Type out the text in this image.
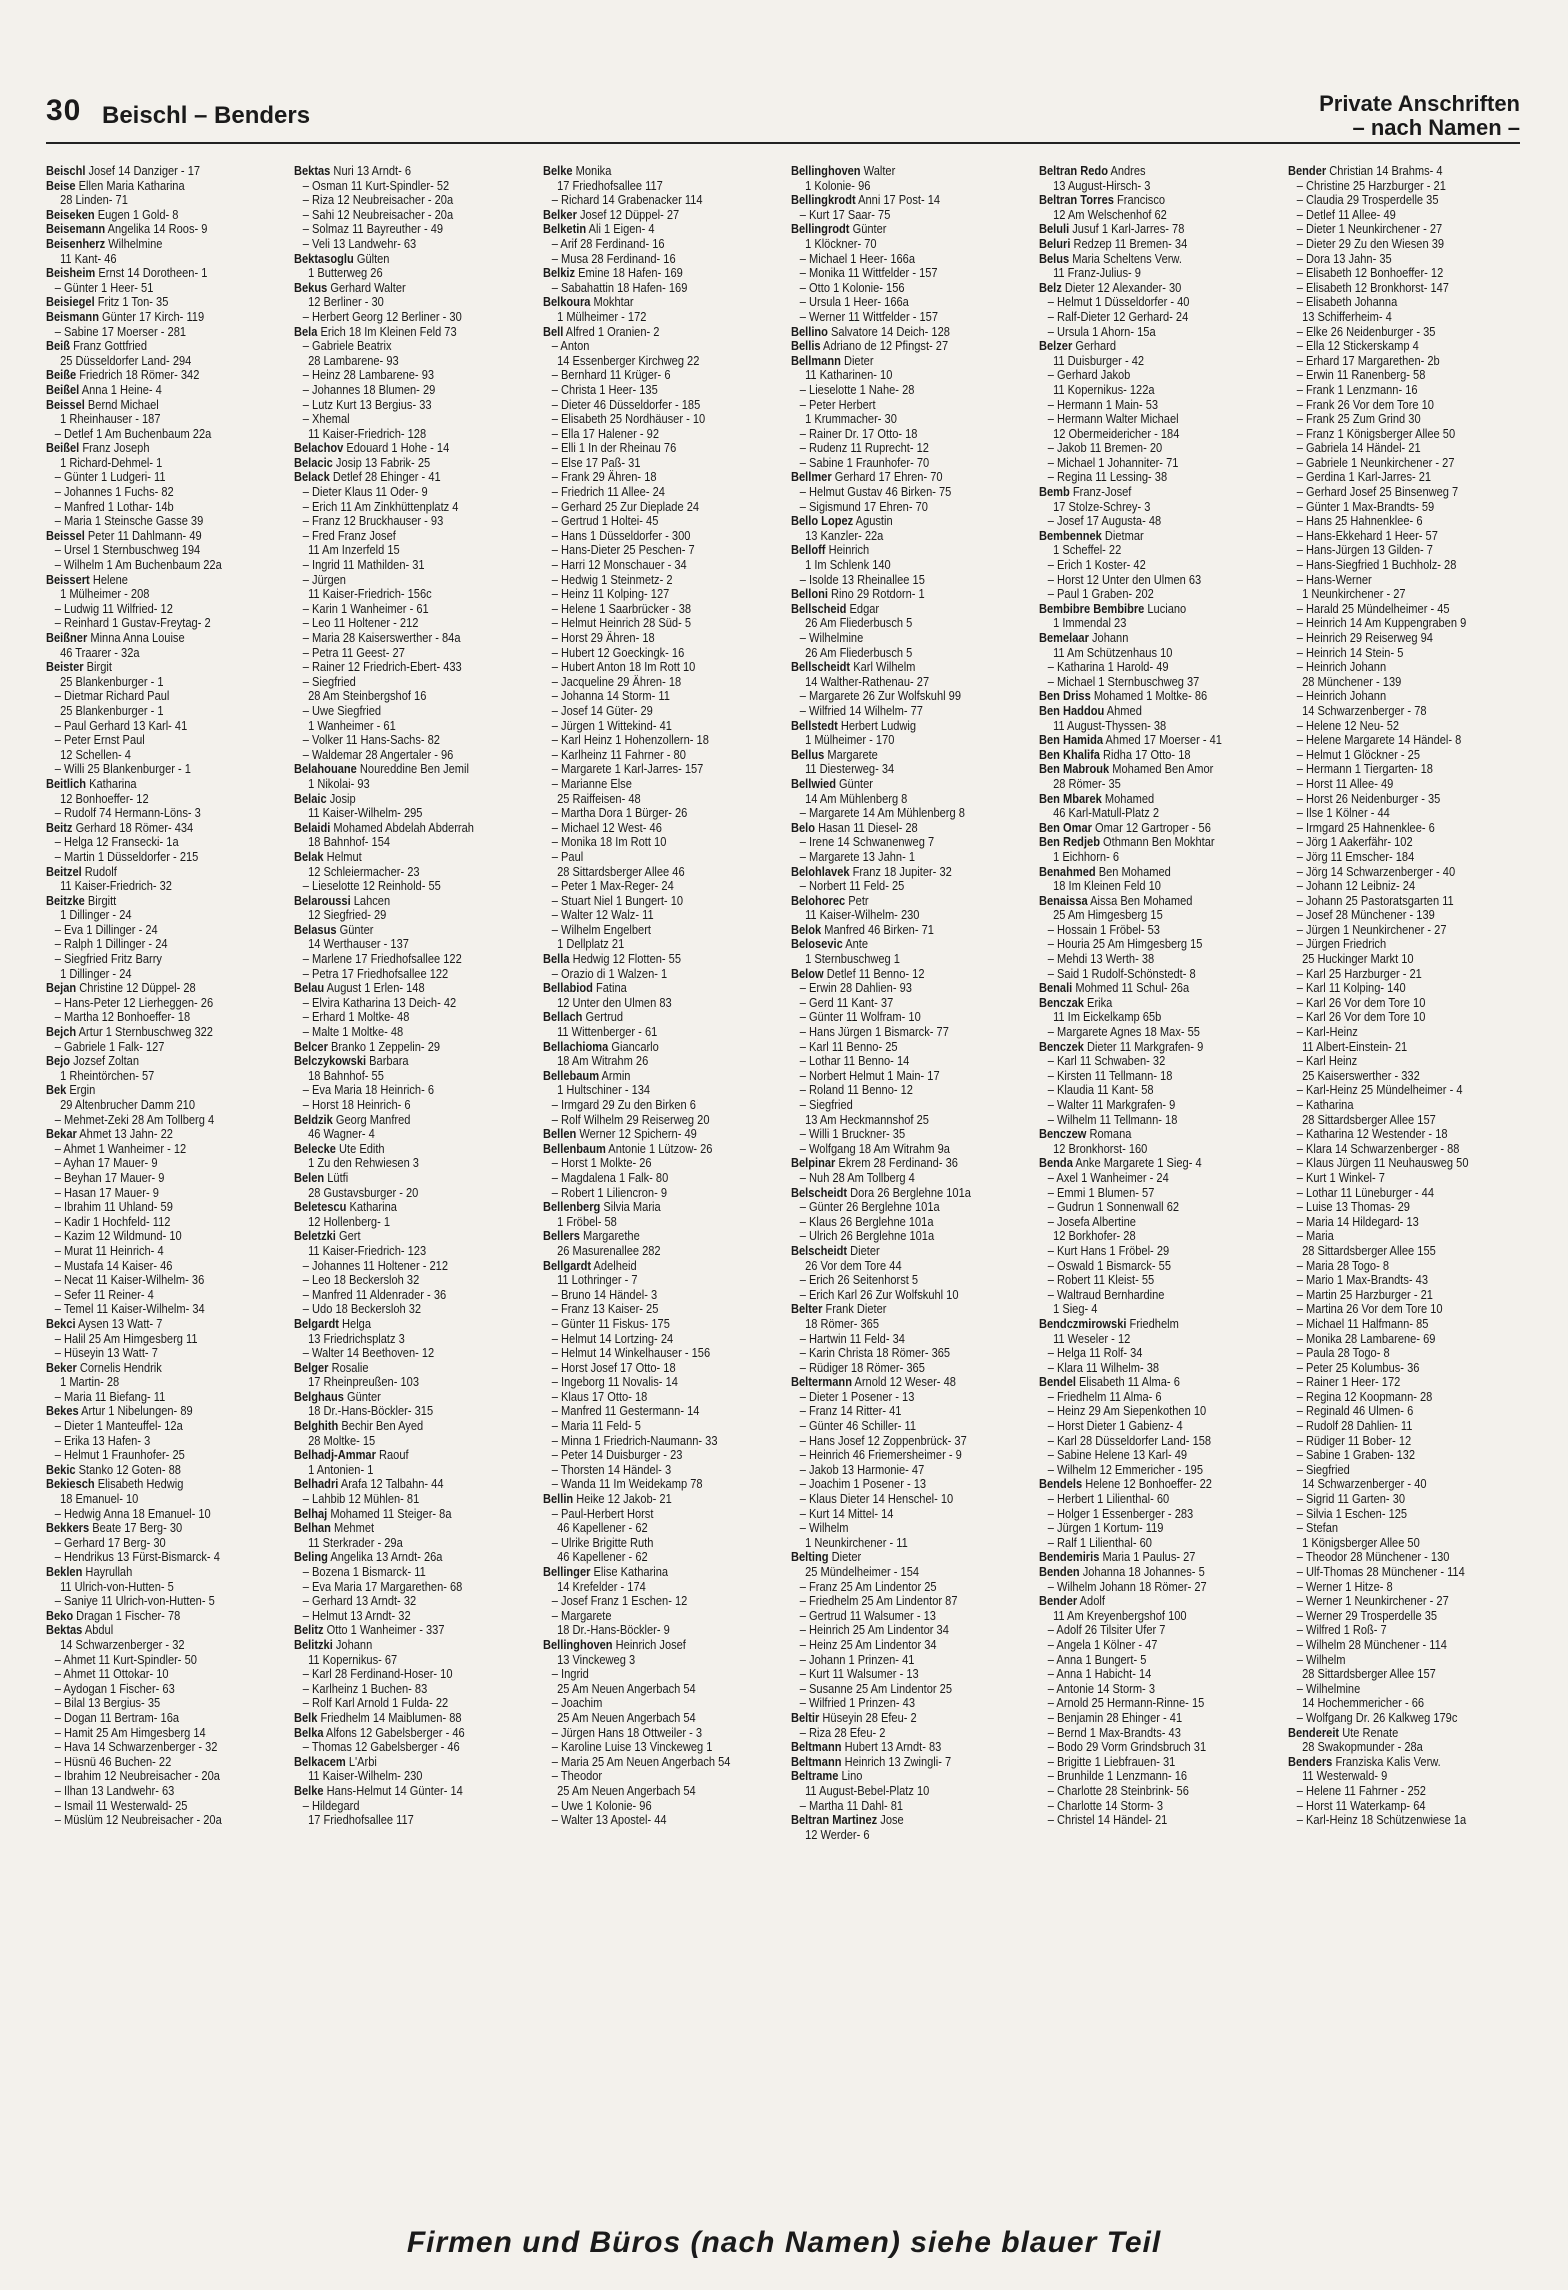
30 Beischl – Benders	Private Anschriften
– nach Namen –

Beischl Josef 14 Danziger - 17

Beise Ellen Maria Katharina

28 Linden- 71

Beiseken Eugen 1 Gold- 8

Beisemann Angelika 14 Roos- 9

Beisenherz Wilhelmine

11 Kant- 46

Beisheim Ernst 14 Dorotheen- 1

– Günter 1 Heer- 51

Beisiegel Fritz 1 Ton- 35

Beismann Günter 17 Kirch- 119

– Sabine 17 Moerser - 281

Beiß Franz Gottfried

25 Düsseldorfer Land- 294

Beiße Friedrich 18 Römer- 342

Beißel Anna 1 Heine- 4

Beissel Bernd Michael

1 Rheinhauser - 187

– Detlef 1 Am Buchenbaum 22a

Beißel Franz Joseph

1 Richard-Dehmel- 1

– Günter 1 Ludgeri- 11

– Johannes 1 Fuchs- 82

– Manfred 1 Lothar- 14b

– Maria 1 Steinsche Gasse 39

Beissel Peter 11 Dahlmann- 49

– Ursel 1 Sternbuschweg 194

– Wilhelm 1 Am Buchenbaum 22a

Beissert Helene

1 Mülheimer - 208

– Ludwig 11 Wilfried- 12

– Reinhard 1 Gustav-Freytag- 2

Beißner Minna Anna Louise

46 Traarer - 32a

Beister Birgit

25 Blankenburger - 1

– Dietmar Richard Paul

25 Blankenburger - 1

– Paul Gerhard 13 Karl- 41

– Peter Ernst Paul

12 Schellen- 4

– Willi 25 Blankenburger - 1

Beitlich Katharina

12 Bonhoeffer- 12

– Rudolf 74 Hermann-Löns- 3

Beitz Gerhard 18 Römer- 434

– Helga 12 Fransecki- 1a

– Martin 1 Düsseldorfer - 215

Beitzel Rudolf

11 Kaiser-Friedrich- 32

Beitzke Birgitt

1 Dillinger - 24

– Eva 1 Dillinger - 24

– Ralph 1 Dillinger - 24

– Siegfried Fritz Barry

1 Dillinger - 24

Bejan Christine 12 Düppel- 28

– Hans-Peter 12 Lierheggen- 26

– Martha 12 Bonhoeffer- 18

Bejch Artur 1 Sternbuschweg 322

– Gabriele 1 Falk- 127

Bejo Jozsef Zoltan

1 Rheintörchen- 57

Bek Ergin

29 Altenbrucher Damm 210

– Mehmet-Zeki 28 Am Tollberg 4

Bekar Ahmet 13 Jahn- 22

– Ahmet 1 Wanheimer - 12

– Ayhan 17 Mauer- 9

– Beyhan 17 Mauer- 9

– Hasan 17 Mauer- 9

– Ibrahim 11 Uhland- 59

– Kadir 1 Hochfeld- 112

– Kazim 12 Wildmund- 10

– Murat 11 Heinrich- 4

– Mustafa 14 Kaiser- 46

– Necat 11 Kaiser-Wilhelm- 36

– Sefer 11 Reiner- 4

– Temel 11 Kaiser-Wilhelm- 34

Bekci Aysen 13 Watt- 7

– Halil 25 Am Himgesberg 11

– Hüseyin 13 Watt- 7

Beker Cornelis Hendrik

1 Martin- 28

– Maria 11 Biefang- 11

Bekes Artur 1 Nibelungen- 89

– Dieter 1 Manteuffel- 12a

– Erika 13 Hafen- 3

– Helmut 1 Fraunhofer- 25

Bekic Stanko 12 Goten- 88

Bekiesch Elisabeth Hedwig

18 Emanuel- 10

– Hedwig Anna 18 Emanuel- 10

Bekkers Beate 17 Berg- 30

– Gerhard 17 Berg- 30

– Hendrikus 13 Fürst-Bismarck- 4

Beklen Hayrullah

11 Ulrich-von-Hutten- 5

– Saniye 11 Ulrich-von-Hutten- 5

Beko Dragan 1 Fischer- 78

Bektas Abdul

14 Schwarzenberger - 32

– Ahmet 11 Kurt-Spindler- 50

– Ahmet 11 Ottokar- 10

– Aydogan 1 Fischer- 63

– Bilal 13 Bergius- 35

– Dogan 11 Bertram- 16a

– Hamit 25 Am Himgesberg 14

– Hava 14 Schwarzenberger - 32

– Hüsnü 46 Buchen- 22

– Ibrahim 12 Neubreisacher - 20a

– Ilhan 13 Landwehr- 63

– Ismail 11 Westerwald- 25

– Müslüm 12 Neubreisacher - 20a

Bektas Nuri 13 Arndt- 6

– Osman 11 Kurt-Spindler- 52

– Riza 12 Neubreisacher - 20a

– Sahi 12 Neubreisacher - 20a

– Solmaz 11 Bayreuther - 49

– Veli 13 Landwehr- 63

Bektasoglu Gülten

1 Butterweg 26

Bekus Gerhard Walter

12 Berliner - 30

– Herbert Georg 12 Berliner - 30

Bela Erich 18 Im Kleinen Feld 73

– Gabriele Beatrix

28 Lambarene- 93

– Heinz 28 Lambarene- 93

– Johannes 18 Blumen- 29

– Lutz Kurt 13 Bergius- 33

– Xhemal

11 Kaiser-Friedrich- 128

Belachov Edouard 1 Hohe - 14

Belacic Josip 13 Fabrik- 25

Belack Detlef 28 Ehinger - 41

– Dieter Klaus 11 Oder- 9

– Erich 11 Am Zinkhüttenplatz 4

– Franz 12 Bruckhauser - 93

– Fred Franz Josef

11 Am Inzerfeld 15

– Ingrid 11 Mathilden- 31

– Jürgen

11 Kaiser-Friedrich- 156c

– Karin 1 Wanheimer - 61

– Leo 11 Holtener - 212

– Maria 28 Kaiserswerther - 84a

– Petra 11 Geest- 27

– Rainer 12 Friedrich-Ebert- 433

– Siegfried

28 Am Steinbergshof 16

– Uwe Siegfried

1 Wanheimer - 61

– Volker 11 Hans-Sachs- 82

– Waldemar 28 Angertaler - 96

Belahouane Noureddine Ben Jemil

1 Nikolai- 93

Belaic Josip

11 Kaiser-Wilhelm- 295

Belaidi Mohamed Abdelah Abderrah

18 Bahnhof- 154

Belak Helmut

12 Schleiermacher- 23

– Lieselotte 12 Reinhold- 55

Belaroussi Lahcen

12 Siegfried- 29

Belasus Günter

14 Werthauser - 137

– Marlene 17 Friedhofsallee 122

– Petra 17 Friedhofsallee 122

Belau August 1 Erlen- 148

– Elvira Katharina 13 Deich- 42

– Erhard 1 Moltke- 48

– Malte 1 Moltke- 48

Belcer Branko 1 Zeppelin- 29

Belczykowski Barbara

18 Bahnhof- 55

– Eva Maria 18 Heinrich- 6

– Horst 18 Heinrich- 6

Beldzik Georg Manfred

46 Wagner- 4

Belecke Ute Edith

1 Zu den Rehwiesen 3

Belen Lütfi

28 Gustavsburger - 20

Beletescu Katharina

12 Hollenberg- 1

Beletzki Gert

11 Kaiser-Friedrich- 123

– Johannes 11 Holtener - 212

– Leo 18 Beckersloh 32

– Manfred 11 Aldenrader - 36

– Udo 18 Beckersloh 32

Belgardt Helga

13 Friedrichsplatz 3

– Walter 14 Beethoven- 12

Belger Rosalie

17 Rheinpreußen- 103

Belghaus Günter

18 Dr.-Hans-Böckler- 315

Belghith Bechir Ben Ayed

28 Moltke- 15

Belhadj-Ammar Raouf

1 Antonien- 1

Belhadri Arafa 12 Talbahn- 44

– Lahbib 12 Mühlen- 81

Belhaj Mohamed 11 Steiger- 8a

Belhan Mehmet

11 Sterkrader - 29a

Beling Angelika 13 Arndt- 26a

– Bozena 1 Bismarck- 11

– Eva Maria 17 Margarethen- 68

– Gerhard 13 Arndt- 32

– Helmut 13 Arndt- 32

Belitz Otto 1 Wanheimer - 337

Belitzki Johann

11 Kopernikus- 67

– Karl 28 Ferdinand-Hoser- 10

– Karlheinz 1 Buchen- 83

– Rolf Karl Arnold 1 Fulda- 22

Belk Friedhelm 14 Maiblumen- 88

Belka Alfons 12 Gabelsberger - 46

– Thomas 12 Gabelsberger - 46

Belkacem L'Arbi

11 Kaiser-Wilhelm- 230

Belke Hans-Helmut 14 Günter- 14

– Hildegard

17 Friedhofsallee 117

Belke Monika

17 Friedhofsallee 117

– Richard 14 Grabenacker 114

Belker Josef 12 Düppel- 27

Belketin Ali 1 Eigen- 4

– Arif 28 Ferdinand- 16

– Musa 28 Ferdinand- 16

Belkiz Emine 18 Hafen- 169

– Sabahattin 18 Hafen- 169

Belkoura Mokhtar

1 Mülheimer - 172

Bell Alfred 1 Oranien- 2

– Anton

14 Essenberger Kirchweg 22

– Bernhard 11 Krüger- 6

– Christa 1 Heer- 135

– Dieter 46 Düsseldorfer - 185

– Elisabeth 25 Nordhäuser - 10

– Ella 17 Halener - 92

– Elli 1 In der Rheinau 76

– Else 17 Paß- 31

– Frank 29 Ähren- 18

– Friedrich 11 Allee- 24

– Gerhard 25 Zur Dieplade 24

– Gertrud 1 Holtei- 45

– Hans 1 Düsseldorfer - 300

– Hans-Dieter 25 Peschen- 7

– Harri 12 Monschauer - 34

– Hedwig 1 Steinmetz- 2

– Heinz 11 Kolping- 127

– Helene 1 Saarbrücker - 38

– Helmut Heinrich 28 Süd- 5

– Horst 29 Ähren- 18

– Hubert 12 Goeckingk- 16

– Hubert Anton 18 Im Rott 10

– Jacqueline 29 Ähren- 18

– Johanna 14 Storm- 11

– Josef 14 Güter- 29

– Jürgen 1 Wittekind- 41

– Karl Heinz 1 Hohenzollern- 18

– Karlheinz 11 Fahrner - 80

– Margarete 1 Karl-Jarres- 157

– Marianne Else

25 Raiffeisen- 48

– Martha Dora 1 Bürger- 26

– Michael 12 West- 46

– Monika 18 Im Rott 10

– Paul

28 Sittardsberger Allee 46

– Peter 1 Max-Reger- 24

– Stuart Niel 1 Bungert- 10

– Walter 12 Walz- 11

– Wilhelm Engelbert

1 Dellplatz 21

Bella Hedwig 12 Flotten- 55

– Orazio di 1 Walzen- 1

Bellabiod Fatina

12 Unter den Ulmen 83

Bellach Gertrud

11 Wittenberger - 61

Bellachioma Giancarlo

18 Am Witrahm 26

Bellebaum Armin

1 Hultschiner - 134

– Irmgard 29 Zu den Birken 6

– Rolf Wilhelm 29 Reiserweg 20

Bellen Werner 12 Spichern- 49

Bellenbaum Antonie 1 Lützow- 26

– Horst 1 Molkte- 26

– Magdalena 1 Falk- 80

– Robert 1 Liliencron- 9

Bellenberg Silvia Maria

1 Fröbel- 58

Bellers Margarethe

26 Masurenallee 282

Bellgardt Adelheid

11 Lothringer - 7

– Bruno 14 Händel- 3

– Franz 13 Kaiser- 25

– Günter 11 Fiskus- 175

– Helmut 14 Lortzing- 24

– Helmut 14 Winkelhauser - 156

– Horst Josef 17 Otto- 18

– Ingeborg 11 Novalis- 14

– Klaus 17 Otto- 18

– Manfred 11 Gestermann- 14

– Maria 11 Feld- 5

– Minna 1 Friedrich-Naumann- 33

– Peter 14 Duisburger - 23

– Thorsten 14 Händel- 3

– Wanda 11 Im Weidekamp 78

Bellin Heike 12 Jakob- 21

– Paul-Herbert Horst

46 Kapellener - 62

– Ulrike Brigitte Ruth

46 Kapellener - 62

Bellinger Elise Katharina

14 Krefelder - 174

– Josef Franz 1 Eschen- 12

– Margarete

18 Dr.-Hans-Böckler- 9

Bellinghoven Heinrich Josef

13 Vinckeweg 3

– Ingrid

25 Am Neuen Angerbach 54

– Joachim

25 Am Neuen Angerbach 54

– Jürgen Hans 18 Ottweiler - 3

– Karoline Luise 13 Vinckeweg 1

– Maria 25 Am Neuen Angerbach 54

– Theodor

25 Am Neuen Angerbach 54

– Uwe 1 Kolonie- 96

– Walter 13 Apostel- 44

Bellinghoven Walter

1 Kolonie- 96

Bellingkrodt Anni 17 Post- 14

– Kurt 17 Saar- 75

Bellingrodt Günter

1 Klöckner- 70

– Michael 1 Heer- 166a

– Monika 11 Wittfelder - 157

– Otto 1 Kolonie- 156

– Ursula 1 Heer- 166a

– Werner 11 Wittfelder - 157

Bellino Salvatore 14 Deich- 128

Bellis Adriano de 12 Pfingst- 27

Bellmann Dieter

11 Katharinen- 10

– Lieselotte 1 Nahe- 28

– Peter Herbert

1 Krummacher- 30

– Rainer Dr. 17 Otto- 18

– Rudenz 11 Ruprecht- 12

– Sabine 1 Fraunhofer- 70

Bellmer Gerhard 17 Ehren- 70

– Helmut Gustav 46 Birken- 75

– Sigismund 17 Ehren- 70

Bello Lopez Agustin

13 Kanzler- 22a

Belloff Heinrich

1 Im Schlenk 140

– Isolde 13 Rheinallee 15

Belloni Rino 29 Rotdorn- 1

Bellscheid Edgar

26 Am Fliederbusch 5

– Wilhelmine

26 Am Fliederbusch 5

Bellscheidt Karl Wilhelm

14 Walther-Rathenau- 27

– Margarete 26 Zur Wolfskuhl 99

– Wilfried 14 Wilhelm- 77

Bellstedt Herbert Ludwig

1 Mülheimer - 170

Bellus Margarete

11 Diesterweg- 34

Bellwied Günter

14 Am Mühlenberg 8

– Margarete 14 Am Mühlenberg 8

Belo Hasan 11 Diesel- 28

– Irene 14 Schwanenweg 7

– Margarete 13 Jahn- 1

Belohlavek Franz 18 Jupiter- 32

– Norbert 11 Feld- 25

Belohorec Petr

11 Kaiser-Wilhelm- 230

Belok Manfred 46 Birken- 71

Belosevic Ante

1 Sternbuschweg 1

Below Detlef 11 Benno- 12

– Erwin 28 Dahlien- 93

– Gerd 11 Kant- 37

– Günter 11 Wolfram- 10

– Hans Jürgen 1 Bismarck- 77

– Karl 11 Benno- 25

– Lothar 11 Benno- 14

– Norbert Helmut 1 Main- 17

– Roland 11 Benno- 12

– Siegfried

13 Am Heckmannshof 25

– Willi 1 Bruckner- 35

– Wolfgang 18 Am Witrahm 9a

Belpinar Ekrem 28 Ferdinand- 36

– Nuh 28 Am Tollberg 4

Belscheidt Dora 26 Berglehne 101a

– Günter 26 Berglehne 101a

– Klaus 26 Berglehne 101a

– Ulrich 26 Berglehne 101a

Belscheidt Dieter

26 Vor dem Tore 44

– Erich 26 Seitenhorst 5

– Erich Karl 26 Zur Wolfskuhl 10

Belter Frank Dieter

18 Römer- 365

– Hartwin 11 Feld- 34

– Karin Christa 18 Römer- 365

– Rüdiger 18 Römer- 365

Beltermann Arnold 12 Weser- 48

– Dieter 1 Posener - 13

– Franz 14 Ritter- 41

– Günter 46 Schiller- 11

– Hans Josef 12 Zoppenbrück- 37

– Heinrich 46 Friemersheimer - 9

– Jakob 13 Harmonie- 47

– Joachim 1 Posener - 13

– Klaus Dieter 14 Henschel- 10

– Kurt 14 Mittel- 14

– Wilhelm

1 Neunkirchener - 11

Belting Dieter

25 Mündelheimer - 154

– Franz 25 Am Lindentor 25

– Friedhelm 25 Am Lindentor 87

– Gertrud 11 Walsumer - 13

– Heinrich 25 Am Lindentor 34

– Heinz 25 Am Lindentor 34

– Johann 1 Prinzen- 41

– Kurt 11 Walsumer - 13

– Susanne 25 Am Lindentor 25

– Wilfried 1 Prinzen- 43

Beltir Hüseyin 28 Efeu- 2

– Riza 28 Efeu- 2

Beltmann Hubert 13 Arndt- 83

Beltmann Heinrich 13 Zwingli- 7

Beltrame Lino

11 August-Bebel-Platz 10

– Martha 11 Dahl- 81

Beltran Martinez Jose

12 Werder- 6

Beltran Redo Andres

13 August-Hirsch- 3

Beltran Torres Francisco

12 Am Welschenhof 62

Beluli Jusuf 1 Karl-Jarres- 78

Beluri Redzep 11 Bremen- 34

Belus Maria Scheltens Verw.

11 Franz-Julius- 9

Belz Dieter 12 Alexander- 30

– Helmut 1 Düsseldorfer - 40

– Ralf-Dieter 12 Gerhard- 24

– Ursula 1 Ahorn- 15a

Belzer Gerhard

11 Duisburger - 42

– Gerhard Jakob

11 Kopernikus- 122a

– Hermann 1 Main- 53

– Hermann Walter Michael

12 Obermeidericher - 184

– Jakob 11 Bremen- 20

– Michael 1 Johanniter- 71

– Regina 11 Lessing- 38

Bemb Franz-Josef

17 Stolze-Schrey- 3

– Josef 17 Augusta- 48

Bembennek Dietmar

1 Scheffel- 22

– Erich 1 Koster- 42

– Horst 12 Unter den Ulmen 63

– Paul 1 Graben- 202

Bembibre Bembibre Luciano

1 Immendal 23

Bemelaar Johann

11 Am Schützenhaus 10

– Katharina 1 Harold- 49

– Michael 1 Sternbuschweg 37

Ben Driss Mohamed 1 Moltke- 86

Ben Haddou Ahmed

11 August-Thyssen- 38

Ben Hamida Ahmed 17 Moerser - 41

Ben Khalifa Ridha 17 Otto- 18

Ben Mabrouk Mohamed Ben Amor

28 Römer- 35

Ben Mbarek Mohamed

46 Karl-Matull-Platz 2

Ben Omar Omar 12 Gartroper - 56

Ben Redjeb Othmann Ben Mokhtar

1 Eichhorn- 6

Benahmed Ben Mohamed

18 Im Kleinen Feld 10

Benaissa Aissa Ben Mohamed

25 Am Himgesberg 15

– Hossain 1 Fröbel- 53

– Houria 25 Am Himgesberg 15

– Mehdi 13 Werth- 38

– Said 1 Rudolf-Schönstedt- 8

Benali Mohmed 11 Schul- 26a

Benczak Erika

11 Im Eickelkamp 65b

– Margarete Agnes 18 Max- 55

Benczek Dieter 11 Markgrafen- 9

– Karl 11 Schwaben- 32

– Kirsten 11 Tellmann- 18

– Klaudia 11 Kant- 58

– Walter 11 Markgrafen- 9

– Wilhelm 11 Tellmann- 18

Benczew Romana

12 Bronkhorst- 160

Benda Anke Margarete 1 Sieg- 4

– Axel 1 Wanheimer - 24

– Emmi 1 Blumen- 57

– Gudrun 1 Sonnenwall 62

– Josefa Albertine

12 Borkhofer- 28

– Kurt Hans 1 Fröbel- 29

– Oswald 1 Bismarck- 55

– Robert 11 Kleist- 55

– Waltraud Bernhardine

1 Sieg- 4

Bendczmirowski Friedhelm

11 Weseler - 12

– Helga 11 Rolf- 34

– Klara 11 Wilhelm- 38

Bendel Elisabeth 11 Alma- 6

– Friedhelm 11 Alma- 6

– Heinz 29 Am Siepenkothen 10

– Horst Dieter 1 Gabienz- 4

– Karl 28 Düsseldorfer Land- 158

– Sabine Helene 13 Karl- 49

– Wilhelm 12 Emmericher - 195

Bendels Helene 12 Bonhoeffer- 22

– Herbert 1 Lilienthal- 60

– Holger 1 Essenberger - 283

– Jürgen 1 Kortum- 119

– Ralf 1 Lilienthal- 60

Bendemiris Maria 1 Paulus- 27

Benden Johanna 18 Johannes- 5

– Wilhelm Johann 18 Römer- 27

Bender Adolf

11 Am Kreyenbergshof 100

– Adolf 26 Tilsiter Ufer 7

– Angela 1 Kölner - 47

– Anna 1 Bungert- 5

– Anna 1 Habicht- 14

– Antonie 14 Storm- 3

– Arnold 25 Hermann-Rinne- 15

– Benjamin 28 Ehinger - 41

– Bernd 1 Max-Brandts- 43

– Bodo 29 Vorm Grindsbruch 31

– Brigitte 1 Liebfrauen- 31

– Brunhilde 1 Lenzmann- 16

– Charlotte 28 Steinbrink- 56

– Charlotte 14 Storm- 3

– Christel 14 Händel- 21

Bender Christian 14 Brahms- 4

– Christine 25 Harzburger - 21

– Claudia 29 Trosperdelle 35

– Detlef 11 Allee- 49

– Dieter 1 Neunkirchener - 27

– Dieter 29 Zu den Wiesen 39

– Dora 13 Jahn- 35

– Elisabeth 12 Bonhoeffer- 12

– Elisabeth 12 Bronkhorst- 147

– Elisabeth Johanna

13 Schifferheim- 4

– Elke 26 Neidenburger - 35

– Ella 12 Stickerskamp 4

– Erhard 17 Margarethen- 2b

– Erwin 11 Ranenberg- 58

– Frank 1 Lenzmann- 16

– Frank 26 Vor dem Tore 10

– Frank 25 Zum Grind 30

– Franz 1 Königsberger Allee 50

– Gabriela 14 Händel- 21

– Gabriele 1 Neunkirchener - 27

– Gerdina 1 Karl-Jarres- 21

– Gerhard Josef 25 Binsenweg 7

– Günter 1 Max-Brandts- 59

– Hans 25 Hahnenklee- 6

– Hans-Ekkehard 1 Heer- 57

– Hans-Jürgen 13 Gilden- 7

– Hans-Siegfried 1 Buchholz- 28

– Hans-Werner

1 Neunkirchener - 27

– Harald 25 Mündelheimer - 45

– Heinrich 14 Am Kuppengraben 9

– Heinrich 29 Reiserweg 94

– Heinrich 14 Stein- 5

– Heinrich Johann

28 Münchener - 139

– Heinrich Johann

14 Schwarzenberger - 78

– Helene 12 Neu- 52

– Helene Margarete 14 Händel- 8

– Helmut 1 Glöckner - 25

– Hermann 1 Tiergarten- 18

– Horst 11 Allee- 49

– Horst 26 Neidenburger - 35

– Ilse 1 Kölner - 44

– Irmgard 25 Hahnenklee- 6

– Jörg 1 Aakerfähr- 102

– Jörg 11 Emscher- 184

– Jörg 14 Schwarzenberger - 40

– Johann 12 Leibniz- 24

– Johann 25 Pastoratsgarten 11

– Josef 28 Münchener - 139

– Jürgen 1 Neunkirchener - 27

– Jürgen Friedrich

25 Huckinger Markt 10

– Karl 25 Harzburger - 21

– Karl 11 Kolping- 140

– Karl 26 Vor dem Tore 10

– Karl 26 Vor dem Tore 10

– Karl-Heinz

11 Albert-Einstein- 21

– Karl Heinz

25 Kaiserswerther - 332

– Karl-Heinz 25 Mündelheimer - 4

– Katharina

28 Sittardsberger Allee 157

– Katharina 12 Westender - 18

– Klara 14 Schwarzenberger - 88

– Klaus Jürgen 11 Neuhausweg 50

– Kurt 1 Winkel- 7

– Lothar 11 Lüneburger - 44

– Luise 13 Thomas- 29

– Maria 14 Hildegard- 13

– Maria

28 Sittardsberger Allee 155

– Maria 28 Togo- 8

– Mario 1 Max-Brandts- 43

– Martin 25 Harzburger - 21

– Martina 26 Vor dem Tore 10

– Michael 11 Halfmann- 85

– Monika 28 Lambarene- 69

– Paula 28 Togo- 8

– Peter 25 Kolumbus- 36

– Rainer 1 Heer- 172

– Regina 12 Koopmann- 28

– Reginald 46 Ulmen- 6

– Rudolf 28 Dahlien- 11

– Rüdiger 11 Bober- 12

– Sabine 1 Graben- 132

– Siegfried

14 Schwarzenberger - 40

– Sigrid 11 Garten- 30

– Silvia 1 Eschen- 125

– Stefan

1 Königsberger Allee 50

– Theodor 28 Münchener - 130

– Ulf-Thomas 28 Münchener - 114

– Werner 1 Hitze- 8

– Werner 1 Neunkirchener - 27

– Werner 29 Trosperdelle 35

– Wilfred 1 Roß- 7

– Wilhelm 28 Münchener - 114

– Wilhelm

28 Sittardsberger Allee 157

– Wilhelmine

14 Hochemmericher - 66

– Wolfgang Dr. 26 Kalkweg 179c

Bendereit Ute Renate

28 Swakopmunder - 28a

Benders Franziska Kalis Verw.

11 Westerwald- 9

– Helene 11 Fahrner - 252

– Horst 11 Waterkamp- 64

– Karl-Heinz 18 Schützenwiese 1a

Firmen und Büros (nach Namen) siehe blauer Teil
